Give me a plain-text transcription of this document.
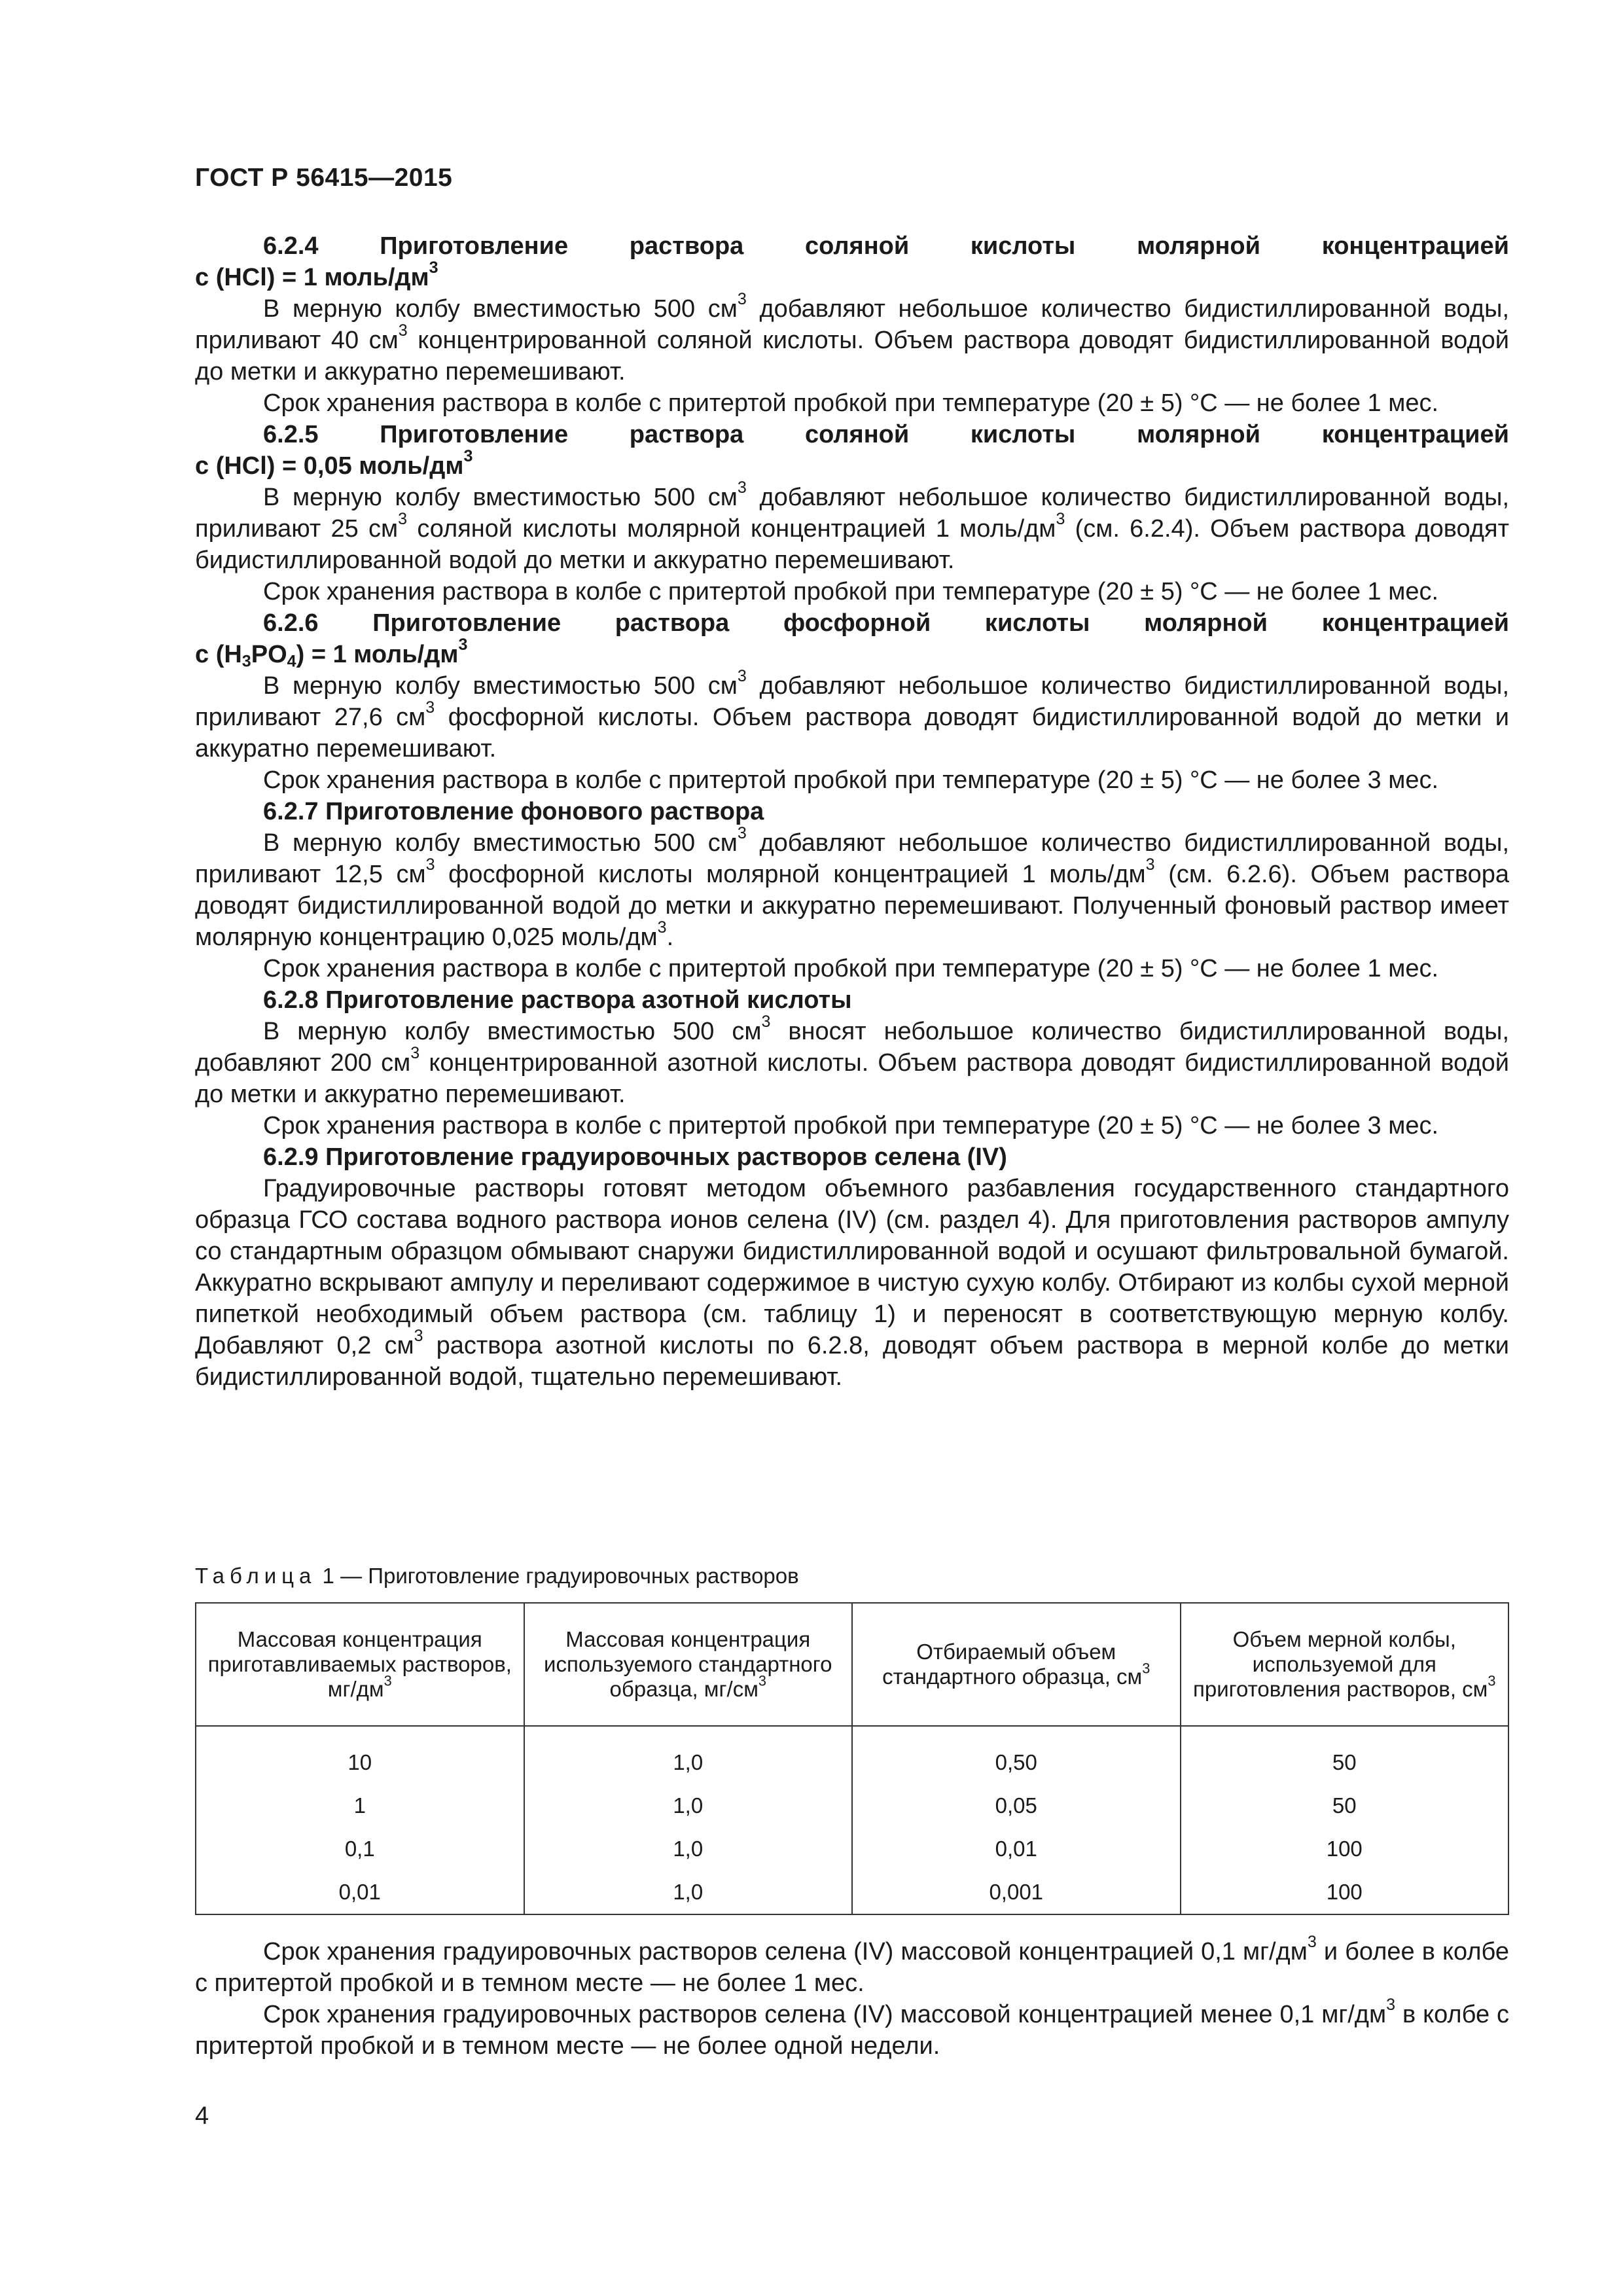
ГОСТ Р 56415—2015

6.2.4 Приготовление раствора соляной кислоты молярной концентрацией

c (HCl) = 1 моль/$дм^3$

В мерную колбу вместимостью 500 $см^3$ добавляют небольшое количество бидистиллированной воды, приливают 40 $см^3$ концентрированной соляной кислоты. Объем раствора доводят бидистиллированной водой до метки и аккуратно перемешивают.

Срок хранения раствора в колбе с притертой пробкой при температуре (20 ± 5) °С — не более 1 мес.

6.2.5 Приготовление раствора соляной кислоты молярной концентрацией

c (HCl) = 0,05 моль/$дм^3$

В мерную колбу вместимостью 500 $см^3$ добавляют небольшое количество бидистиллированной воды, приливают 25 $см^3$ соляной кислоты молярной концентрацией 1 моль/$дм^3$ (см. 6.2.4). Объем раствора доводят бидистиллированной водой до метки и аккуратно перемешивают.

Срок хранения раствора в колбе с притертой пробкой при температуре (20 ± 5) °С — не более 1 мес.

6.2.6 Приготовление раствора фосфорной кислоты молярной концентрацией

c $(H_3PO_4) = 1$ моль/$дм^3$

В мерную колбу вместимостью 500 $см^3$ добавляют небольшое количество бидистиллированной воды, приливают 27,6 $см^3$ фосфорной кислоты. Объем раствора доводят бидистиллированной водой до метки и аккуратно перемешивают.

Срок хранения раствора в колбе с притертой пробкой при температуре (20 ± 5) °С — не более 3 мес.

6.2.7 Приготовление фонового раствора

В мерную колбу вместимостью 500 $см^3$ добавляют небольшое количество бидистиллированной воды, приливают 12,5 $см^3$ фосфорной кислоты молярной концентрацией 1 моль/$дм^3$ (см. 6.2.6). Объем раствора доводят бидистиллированной водой до метки и аккуратно перемешивают. Полученный фоновый раствор имеет молярную концентрацию 0,025 моль/$дм^3$.

Срок хранения раствора в колбе с притертой пробкой при температуре (20 ± 5) °С — не более 1 мес.

6.2.8 Приготовление раствора азотной кислоты

В мерную колбу вместимостью 500 $см^3$ вносят небольшое количество бидистиллированной воды, добавляют 200 $см^3$ концентрированной азотной кислоты. Объем раствора доводят бидистиллированной водой до метки и аккуратно перемешивают.

Срок хранения раствора в колбе с притертой пробкой при температуре (20 ± 5) °С — не более 3 мес.

6.2.9 Приготовление градуировочных растворов селена (IV)

Градуировочные растворы готовят методом объемного разбавления государственного стандартного образца ГСО состава водного раствора ионов селена (IV) (см. раздел 4). Для приготовления растворов ампулу со стандартным образцом обмывают снаружи бидистиллированной водой и осушают фильтровальной бумагой. Аккуратно вскрывают ампулу и переливают содержимое в чистую сухую колбу. Отбирают из колбы сухой мерной пипеткой необходимый объем раствора (см. таблицу 1) и переносят в соответствующую мерную колбу. Добавляют 0,2 $см^3$ раствора азотной кислоты по 6.2.8, доводят объем раствора в мерной колбе до метки бидистиллированной водой, тщательно перемешивают.

Таблица 1 — Приготовление градуировочных растворов
Массовая концентрация приготавливаемых растворов, $мг/дм^3$	Массовая концентрация используемого стандартного образца, $мг/см^3$	Отбираемый объем стандартного образца, $см^3$	Объем мерной колбы, используемой для приготовления растворов, $см^3$

10	1,0	0,50	50
1	1,0	0,05	50
0,1	1,0	0,01	100
0,01	1,0	0,001	100

Срок хранения градуировочных растворов селена (IV) массовой концентрацией 0,1 $мг/дм^3$ и более в колбе с притертой пробкой и в темном месте — не более 1 мес.

Срок хранения градуировочных растворов селена (IV) массовой концентрацией менее 0,1 $мг/дм^3$ в колбе с притертой пробкой и в темном месте — не более одной недели.

4
